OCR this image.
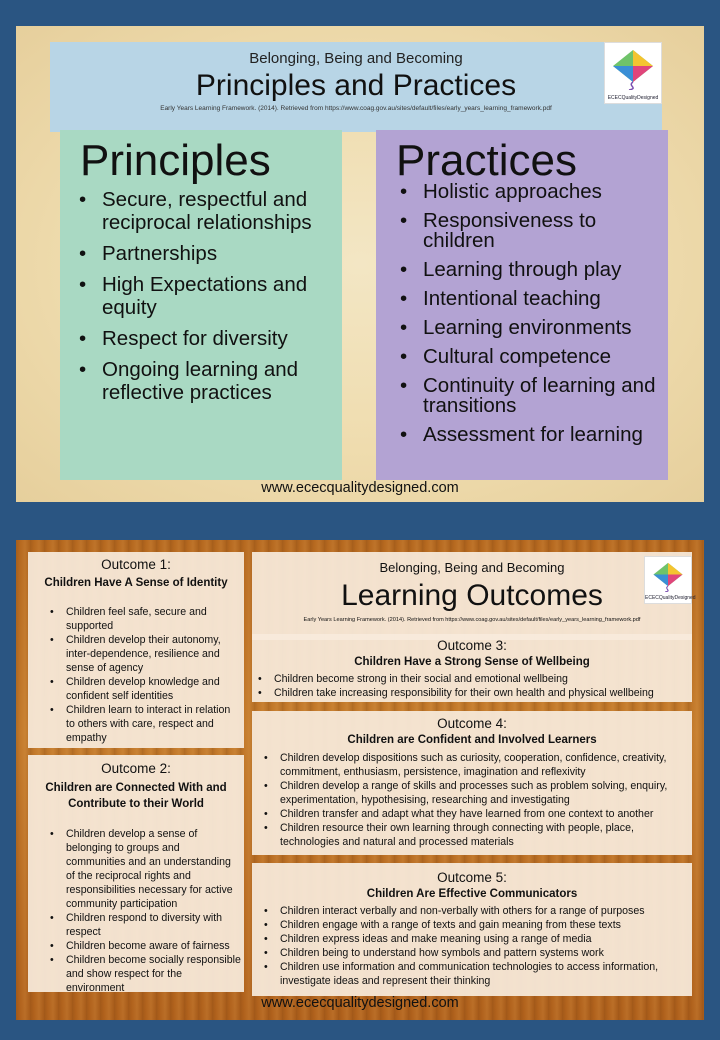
Belonging, Being and Becoming
Principles and Practices
Early Years Learning Framework. (2014). Retrieved from https://www.coag.gov.au/sites/default/files/early_years_learning_framework.pdf
ECECQualityDesigned
Principles
• Secure, respectful and reciprocal relationships
• Partnerships
• High Expectations and equity
• Respect for diversity
• Ongoing learning and reflective practices
Practices
• Holistic approaches
• Responsiveness to children
• Learning through play
• Intentional teaching
• Learning environments
• Cultural competence
• Continuity of learning and transitions
• Assessment for learning
www.ececqualitydesigned.com
Outcome 1:
Children Have A Sense of Identity
• Children feel safe, secure and supported
• Children develop their autonomy, inter-dependence, resilience and sense of agency
• Children develop knowledge and confident self identities
• Children learn to interact in relation to others with care, respect and empathy
Outcome 2:
Children are Connected With and Contribute to their World
• Children develop a sense of belonging to groups and communities and an understanding of the reciprocal rights and responsibilities necessary for active community participation
• Children respond to diversity with respect
• Children become aware of fairness
• Children become socially responsible and show respect for the environment
Belonging, Being and Becoming
Learning Outcomes
Early Years Learning Framework. (2014). Retrieved from https://www.coag.gov.au/sites/default/files/early_years_learning_framework.pdf
ECECQualityDesigned
Outcome 3:
Children Have a Strong Sense of Wellbeing
• Children become strong in their social and emotional wellbeing
• Children take increasing responsibility for their own health and physical wellbeing
Outcome 4:
Children are Confident and Involved Learners
• Children develop dispositions such as curiosity, cooperation, confidence, creativity, commitment, enthusiasm, persistence, imagination and reflexivity
• Children develop a range of skills and processes such as problem solving, enquiry, experimentation, hypothesising, researching and investigating
• Children transfer and adapt what they have learned from one context to another
• Children resource their own learning through connecting with people, place, technologies and natural and processed materials
Outcome 5:
Children Are Effective Communicators
• Children interact verbally and non-verbally with others for a range of purposes
• Children engage with a range of texts and gain meaning from these texts
• Children express ideas and make meaning using a range of media
• Children being to understand how symbols and pattern systems work
• Children use information and communication technologies to access information, investigate ideas and represent their thinking
www.ececqualitydesigned.com
